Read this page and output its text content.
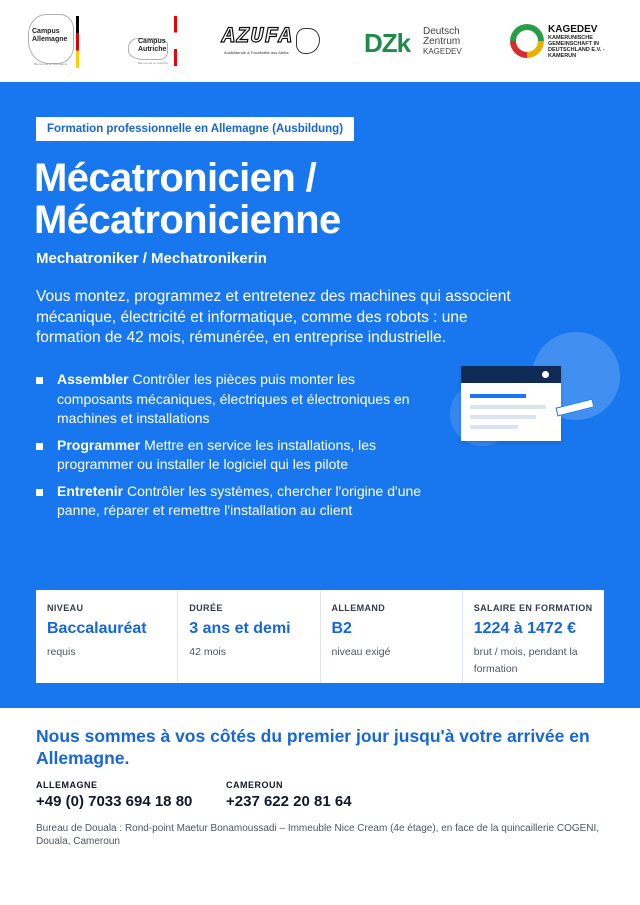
Campus
Allemagne
Bienvenue en Allemagne
Campus
Autriche
Bienvenue en Autriche
AZUFA
Ausbildende & Fachkräfte aus Afrika	DZk Deutsch
Zentrum
KAGEDEV
KAGEDEV
KAMERUNISCHE GEMEINSCHAFT IN DEUTSCHLAND E.V. - KAMERUN
Formation professionnelle en Allemagne (Ausbildung)
Mécatronicien /
Mécatronicienne
Mechatroniker / Mechatronikerin

Vous montez, programmez et entretenez des machines qui associent mécanique, électricité et informatique, comme des robots : une formation de 42 mois, rémunérée, en entreprise industrielle.

Assembler Contrôler les pièces puis monter les composants mécaniques, électriques et électroniques en machines et installations
Programmer Mettre en service les installations, les programmer ou installer le logiciel qui les pilote
Entretenir Contrôler les systèmes, chercher l'origine d'une panne, réparer et remettre l'installation au client
NIVEAU
Baccalauréat
requis
DURÉE
3 ans et demi
42 mois
ALLEMAND
B2
niveau exigé
SALAIRE EN FORMATION
1224 à 1472 €
brut / mois, pendant la formation
Nous sommes à vos côtés du premier jour jusqu'à votre arrivée en Allemagne.
ALLEMAGNE
+49 (0) 7033 694 18 80
CAMEROUN
+237 622 20 81 64

Bureau de Douala : Rond-point Maetur Bonamoussadi – Immeuble Nice Cream (4e étage), en face de la quincaillerie COGENI, Douala, Cameroun
